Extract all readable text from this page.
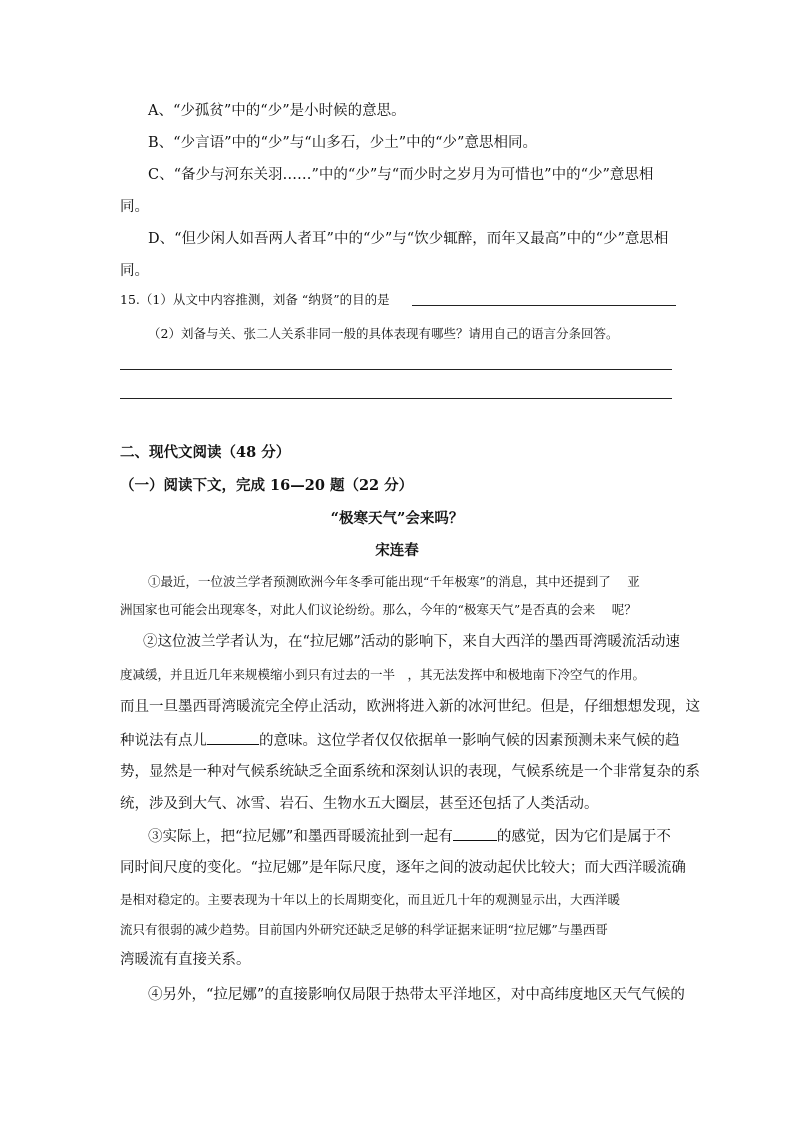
A、“少孤贫”中的“少”是小时候的意思。
B、“少言语”中的“少”与“山多石，少土”中的“少”意思相同。
C、“备少与河东关羽……”中的“少”与“而少时之岁月为可惜也”中的“少”意思相
同。
D、“但少闲人如吾两人者耳”中的“少”与“饮少辄醉，而年又最高”中的“少”意思相
同。
15.（1）从文中内容推测，刘备 “纳贤”的目的是
（2）刘备与关、张二人关系非同一般的具体表现有哪些？请用自己的语言分条回答。
二、现代文阅读（48 分）
（一）阅读下文，完成 16—20 题（22 分）
“极寒天气”会来吗？
宋连春
①最近，一位波兰学者预测欧洲今年冬季可能出现“千年极寒”的消息，其中还提到了　 亚
洲国家也可能会出现寒冬，对此人们议论纷纷。那么，今年的“极寒天气”是否真的会来　 呢？
②这位波兰学者认为，在“拉尼娜”活动的影响下，来自大西洋的墨西哥湾暖流活动速
度减缓，并且近几年来规模缩小到只有过去的一半　，其无法发挥中和极地南下冷空气的作用。
而且一旦墨西哥湾暖流完全停止活动，欧洲将进入新的冰河世纪。但是，仔细想想发现，这
种说法有点儿	的意味。这位学者仅仅依据单一影响气候的因素预测未来气候的趋
势，显然是一种对气候系统缺乏全面系统和深刻认识的表现，气候系统是一个非常复杂的系
统，涉及到大气、冰雪、岩石、生物水五大圈层，甚至还包括了人类活动。
③实际上，把“拉尼娜”和墨西哥暖流扯到一起有	的感觉，因为它们是属于不
同时间尺度的变化。“拉尼娜”是年际尺度，逐年之间的波动起伏比较大；而大西洋暖流确
是相对稳定的。主要表现为十年以上的长周期变化，而且近几十年的观测显示出，大西洋暖
流只有很弱的减少趋势。目前国内外研究还缺乏足够的科学证据来证明“拉尼娜”与墨西哥
湾暖流有直接关系。
④另外，“拉尼娜”的直接影响仅局限于热带太平洋地区，对中高纬度地区天气气候的
